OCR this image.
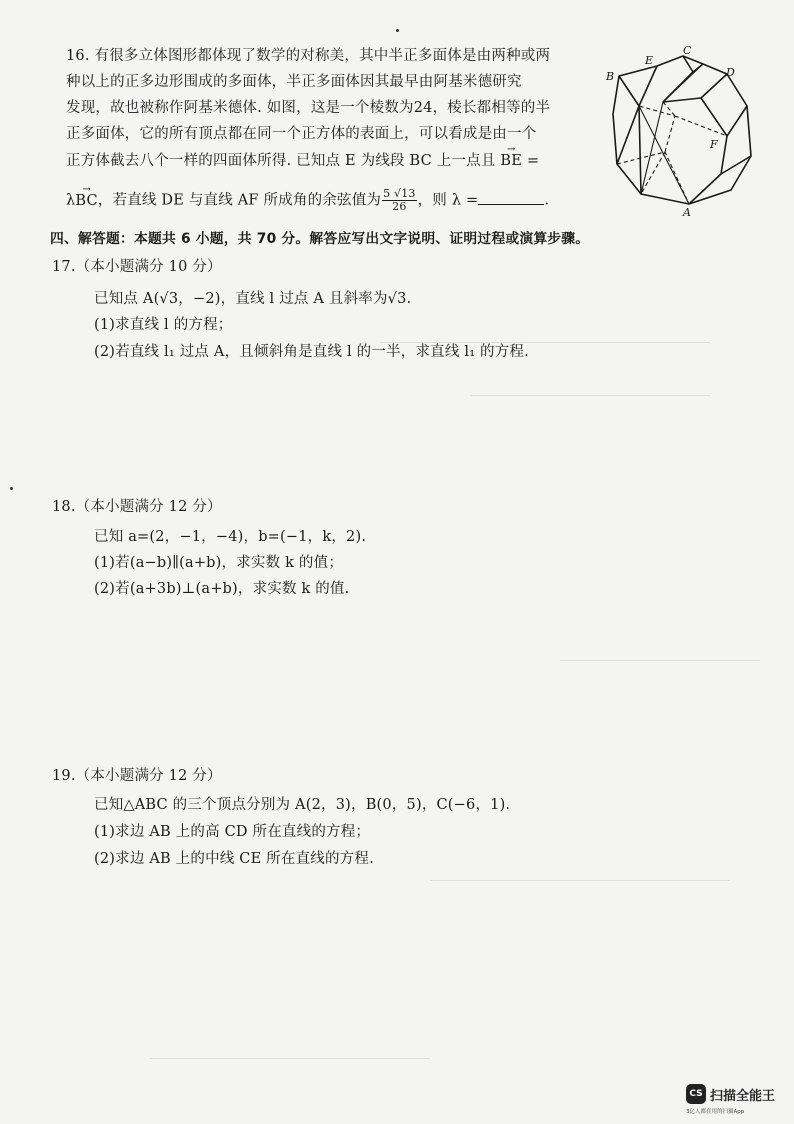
16. 有很多立体图形都体现了数学的对称美，其中半正多面体是由两种或两
种以上的正多边形围成的多面体，半正多面体因其最早由阿基米德研究
发现，故也被称作阿基米德体. 如图，这是一个棱数为24，棱长都相等的半
正多面体，它的所有顶点都在同一个正方体的表面上，可以看成是由一个
正方体截去八个一样的四面体所得. 已知点 E 为线段 BC 上一点且 → BE =
λ→ BC，若直线 DE 与直线 AF 所成角的余弦值为 $\frac{5 √13}{26}$ ，则 λ =	.
B
E
C
D
F
A
四、解答题：本题共 6 小题，共 70 分。解答应写出文字说明、证明过程或演算步骤。
17.（本小题满分 10 分）
已知点 A(√3，−2)，直线 l 过点 A 且斜率为√3.
(1)求直线 l 的方程；
(2)若直线 l₁ 过点 A，且倾斜角是直线 l 的一半，求直线 l₁ 的方程.
18.（本小题满分 12 分）
已知 a=(2，−1，−4)，b=(−1，k，2).
(1)若(a−b)∥(a+b)，求实数 k 的值；
(2)若(a+3b)⊥(a+b)，求实数 k 的值.
19.（本小题满分 12 分）
已知△ABC 的三个顶点分别为 A(2，3)，B(0，5)，C(−6，1).
(1)求边 AB 上的高 CD 所在直线的方程；
(2)求边 AB 上的中线 CE 所在直线的方程.
CS 扫描全能王
3亿人都在用的扫描App
